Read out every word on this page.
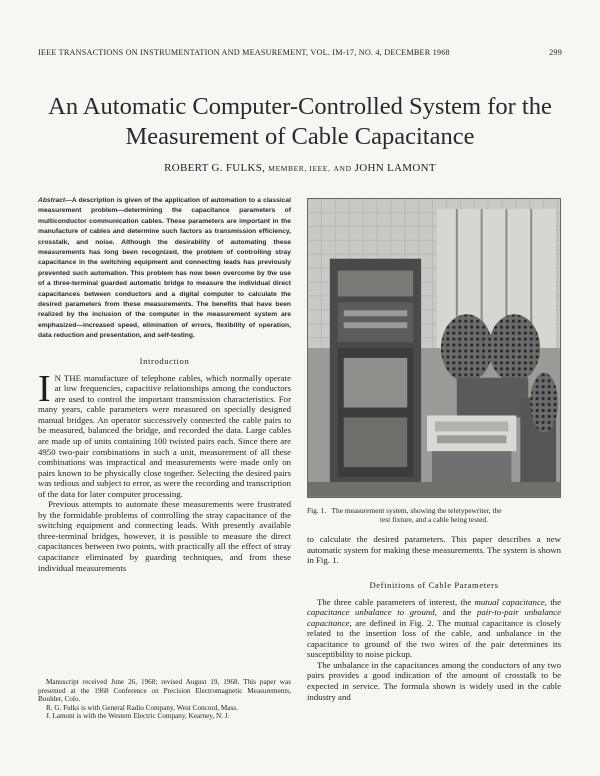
IEEE TRANSACTIONS ON INSTRUMENTATION AND MEASUREMENT, VOL. IM-17, NO. 4, DECEMBER 1968	299
An Automatic Computer-Controlled System for the
Measurement of Cable Capacitance
ROBERT G. FULKS, MEMBER, IEEE, AND JOHN LAMONT

Abstract—A description is given of the application of automation to a classical measurement problem—determining the capacitance parameters of multiconductor communication cables. These parameters are important in the manufacture of cables and determine such factors as transmission efficiency, crosstalk, and noise. Although the desirability of automating these measurements has long been recognized, the problem of controlling stray capacitance in the switching equipment and connecting leads has previously prevented such automation. This problem has now been overcome by the use of a three-terminal guarded automatic bridge to measure the individual direct capacitances between conductors and a digital computer to calculate the desired parameters from these measurements. The benefits that have been realized by the inclusion of the computer in the measurement system are emphasized—increased speed, elimination of errors, flexibility of operation, data reduction and presentation, and self-testing.

Introduction

I N THE manufacture of telephone cables, which normally operate at low frequencies, capacitive relationships among the conductors are used to control the important transmission characteristics. For many years, cable parameters were measured on specially designed manual bridges. An operator successively connected the cable pairs to be measured, balanced the bridge, and recorded the data. Large cables are made up of units containing 100 twisted pairs each. Since there are 4950 two-pair combinations in such a unit, measurement of all these combinations was impractical and measurements were made only on pairs known to be physically close together. Selecting the desired pairs was tedious and subject to error, as were the recording and transcription of the data for later computer processing.

Previous attempts to automate these measurements were frustrated by the formidable problems of controlling the stray capacitance of the switching equipment and connecting leads. With presently available three-terminal bridges, however, it is possible to measure the direct capacitances between two points, with practically all the effect of stray capacitance eliminated by guarding techniques, and from these individual measurements

Manuscript received June 26, 1968; revised August 19, 1968. This paper was presented at the 1968 Conference on Precision Electromagnetic Measurements, Boulder, Colo.

R. G. Fulks is with General Radio Company, West Concord, Mass.

J. Lamont is with the Western Electric Company, Kearney, N. J.

Fig. 1. The measurement system, showing the teletypewriter, the
test fixture, and a cable being tested.

to calculate the desired parameters. This paper describes a new automatic system for making these measurements. The system is shown in Fig. 1.

Definitions of Cable Parameters

The three cable parameters of interest, the mutual capacitance, the capacitance unbalance to ground, and the pair-to-pair unbalance capacitance, are defined in Fig. 2. The mutual capacitance is closely related to the insertion loss of the cable, and unbalance in the capacitance to ground of the two wires of the pair determines its susceptibility to noise pickup.

The unbalance in the capacitances among the conductors of any two pairs provides a good indication of the amount of crosstalk to be expected in service. The formula shown is widely used in the cable industry and
